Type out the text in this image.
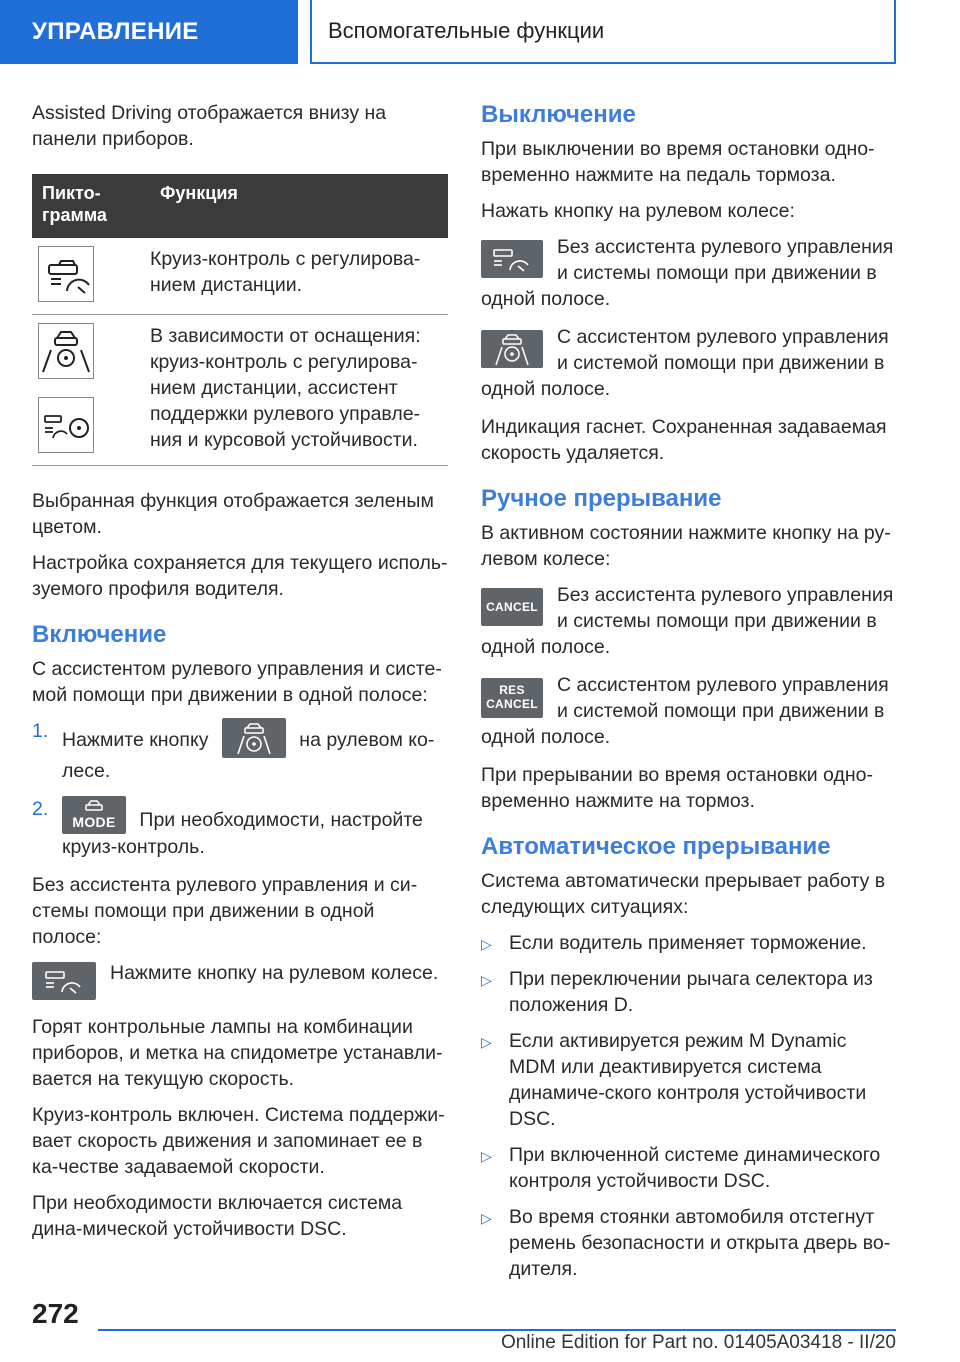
УПРАВЛЕНИЕ	Вспомогательные функции

Assisted Driving отображается внизу на панели приборов.

Пикто-грамма	Функция

	Круиз-контроль с регулирова-нием дистанции.

	В зависимости от оснащения: круиз-контроль с регулирова-нием дистанции, ассистент поддержки рулевого управле-ния и курсовой устойчивости.

Выбранная функция отображается зеленым цветом.

Настройка сохраняется для текущего исполь-зуемого профиля водителя.

Включение

С ассистентом рулевого управления и систе-мой помощи при движении в одной полосе:

1. Нажмите кнопку	на рулевом ко-лесе.
2.
MODE	При необходимости, настройте круиз-контроль.

Без ассистента рулевого управления и си-стемы помощи при движении в одной полосе:

Нажмите кнопку на рулевом колесе.

Горят контрольные лампы на комбинации приборов, и метка на спидометре устанавли-вается на текущую скорость.

Круиз-контроль включен. Система поддержи-вает скорость движения и запоминает ее в ка-честве задаваемой скорости.

При необходимости включается система дина-мической устойчивости DSC.

Выключение

При выключении во время остановки одно-временно нажмите на педаль тормоза.

Нажать кнопку на рулевом колесе:

Без ассистента рулевого управления и системы помощи при движении в одной полосе.

С ассистентом рулевого управления и системой помощи при движении в одной полосе.

Индикация гаснет. Сохраненная задаваемая скорость удаляется.

Ручное прерывание

В активном состоянии нажмите кнопку на ру-левом колесе:

CANCEL

Без ассистента рулевого управления и системы помощи при движении в одной полосе.

RES
CANCEL

С ассистентом рулевого управления и системой помощи при движении в одной полосе.

При прерывании во время остановки одно-временно нажмите на тормоз.

Автоматическое прерывание

Система автоматически прерывает работу в следующих ситуациях:

▷ Если водитель применяет торможение.
▷ При переключении рычага селектора из положения D.
▷ Если активируется режим M Dynamic MDM или деактивируется система динамиче-ского контроля устойчивости DSC.
▷ При включенной системе динамического контроля устойчивости DSC.
▷ Во время стоянки автомобиля отстегнут ремень безопасности и открыта дверь во-дителя.
272
Online Edition for Part no. 01405A03418 - II/20
